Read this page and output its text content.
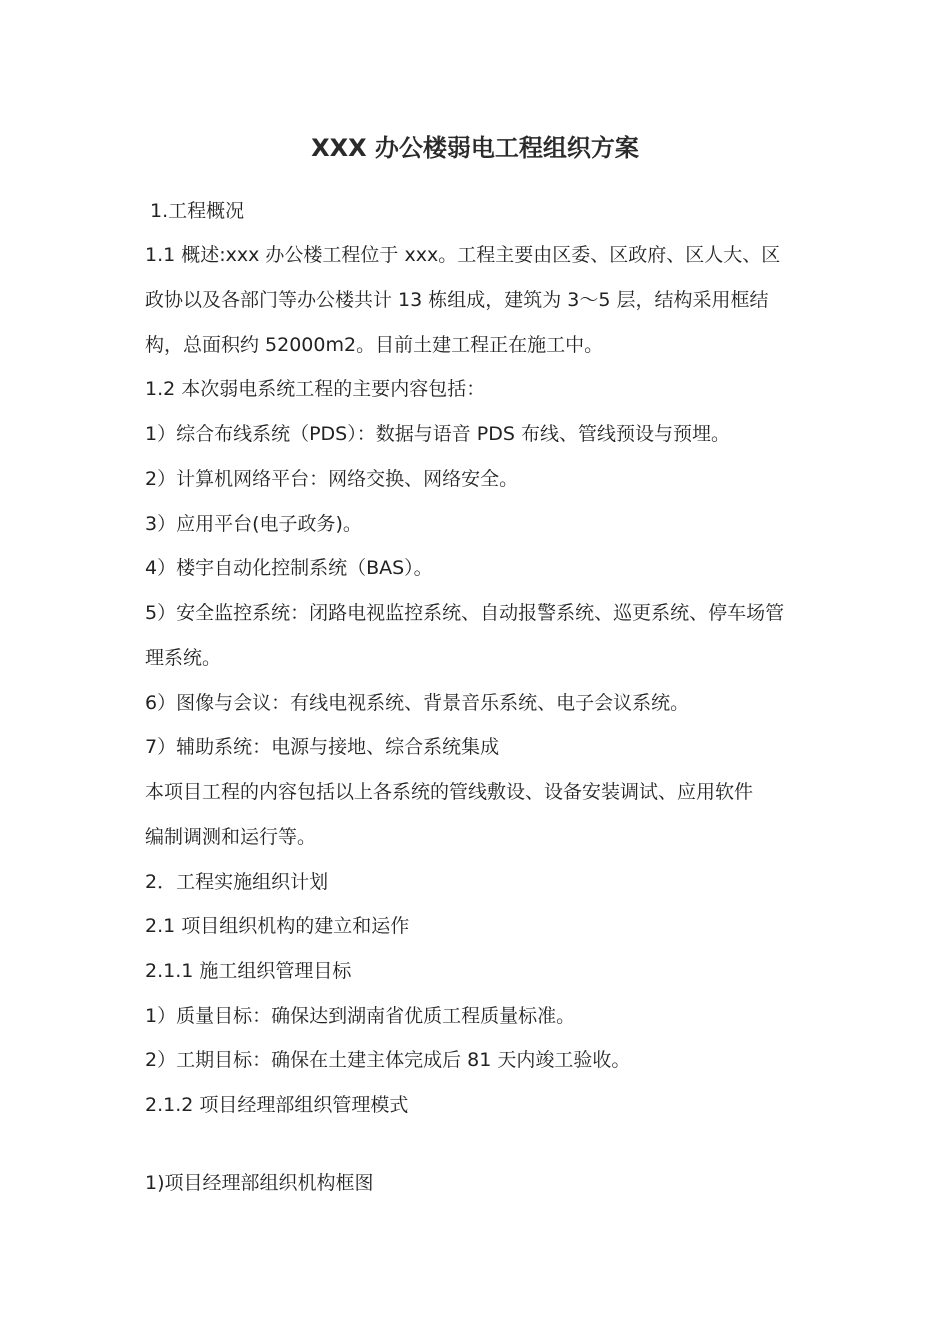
XXX 办公楼弱电工程组织方案
1.工程概况
1.1 概述:xxx 办公楼工程位于 xxx。工程主要由区委、区政府、区人大、区
政协以及各部门等办公楼共计 13 栋组成，建筑为 3～5 层，结构采用框结
构，总面积约 52000m2。目前土建工程正在施工中。
1.2 本次弱电系统工程的主要内容包括：
1）综合布线系统（PDS）：数据与语音 PDS 布线、管线预设与预埋。
2）计算机网络平台：网络交换、网络安全。
3）应用平台(电子政务)。
4）楼宇自动化控制系统（BAS）。
5）安全监控系统：闭路电视监控系统、自动报警系统、巡更系统、停车场管
理系统。
6）图像与会议：有线电视系统、背景音乐系统、电子会议系统。
7）辅助系统：电源与接地、综合系统集成
本项目工程的内容包括以上各系统的管线敷设、设备安装调试、应用软件
编制调测和运行等。
2．工程实施组织计划
2.1 项目组织机构的建立和运作
2.1.1 施工组织管理目标
1）质量目标：确保达到湖南省优质工程质量标准。
2）工期目标：确保在土建主体完成后 81 天内竣工验收。
2.1.2 项目经理部组织管理模式
1)项目经理部组织机构框图
